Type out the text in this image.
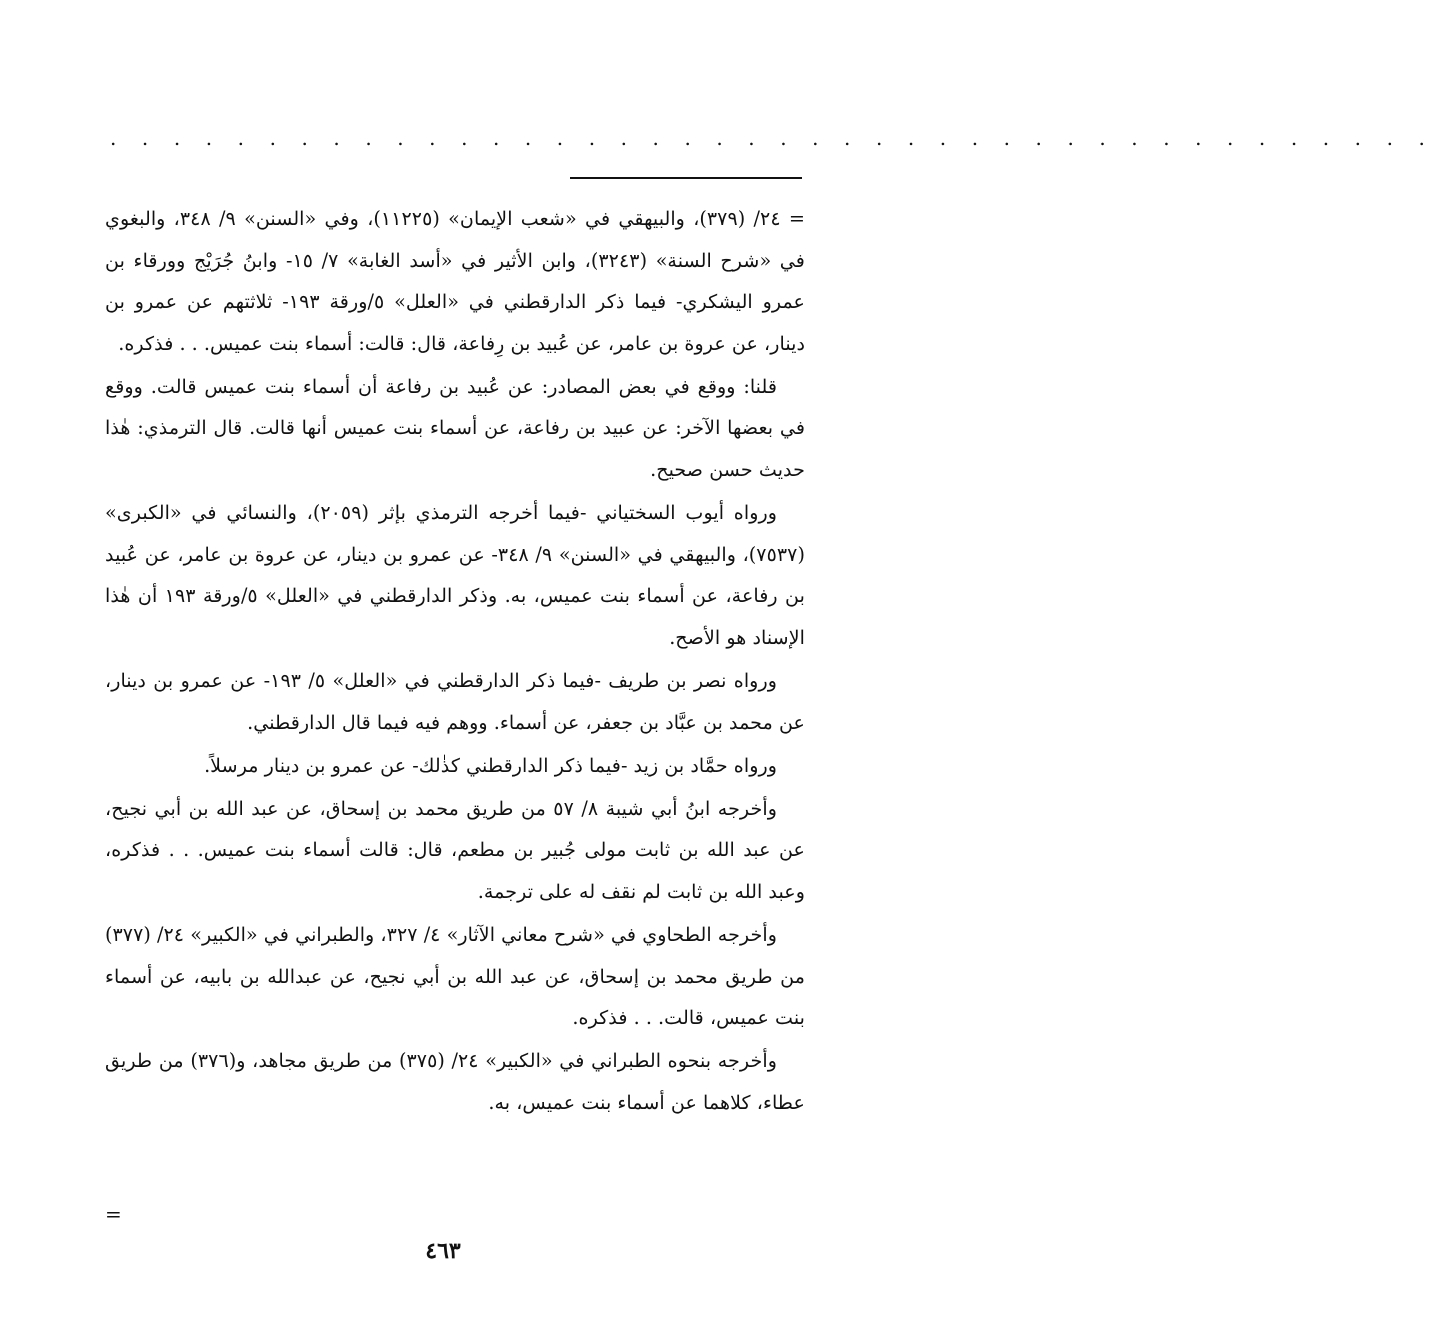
. . . . . . . . . . . . . . . . . . . . . . . . . . . . . . . . . . . . . . . . . .

= ٢٤/ (٣٧٩)، والبيهقي في «شعب الإيمان» (١١٢٢٥)، وفي «السنن» ٩/ ٣٤٨، والبغوي في «شرح السنة» (٣٢٤٣)، وابن الأثير في «أسد الغابة» ٧/ ١٥- وابنُ جُرَيْج وورقاء بن عمرو اليشكري- فيما ذكر الدارقطني في «العلل» ٥/ورقة ١٩٣- ثلاثتهم عن عمرو بن دينار، عن عروة بن عامر، عن عُبيد بن رِفاعة، قال: قالت: أسماء بنت عميس. . . فذكره.

قلنا: ووقع في بعض المصادر: عن عُبيد بن رفاعة أن أسماء بنت عميس قالت. ووقع في بعضها الآخر: عن عبيد بن رفاعة، عن أسماء بنت عميس أنها قالت. قال الترمذي: هٰذا حديث حسن صحيح.

ورواه أيوب السختياني -فيما أخرجه الترمذي بإثر (٢٠٥٩)، والنسائي في «الكبرى» (٧٥٣٧)، والبيهقي في «السنن» ٩/ ٣٤٨- عن عمرو بن دينار، عن عروة بن عامر، عن عُبيد بن رفاعة، عن أسماء بنت عميس، به. وذكر الدارقطني في «العلل» ٥/ورقة ١٩٣ أن هٰذا الإسناد هو الأصح.

ورواه نصر بن طريف -فيما ذكر الدارقطني في «العلل» ٥/ ١٩٣- عن عمرو بن دينار، عن محمد بن عبَّاد بن جعفر، عن أسماء. ووهم فيه فيما قال الدارقطني.

ورواه حمَّاد بن زيد -فيما ذكر الدارقطني كذٰلك- عن عمرو بن دينار مرسلاً.

وأخرجه ابنُ أبي شيبة ٨/ ٥٧ من طريق محمد بن إسحاق، عن عبد الله بن أبي نجيح، عن عبد الله بن ثابت مولى جُبير بن مطعم، قال: قالت أسماء بنت عميس. . . فذكره، وعبد الله بن ثابت لم نقف له على ترجمة.

وأخرجه الطحاوي في «شرح معاني الآثار» ٤/ ٣٢٧، والطبراني في «الكبير» ٢٤/ (٣٧٧) من طريق محمد بن إسحاق، عن عبد الله بن أبي نجيح، عن عبدالله بن بابيه، عن أسماء بنت عميس، قالت. . . فذكره.

وأخرجه بنحوه الطبراني في «الكبير» ٢٤/ (٣٧٥) من طريق مجاهد، و(٣٧٦) من طريق عطاء، كلاهما عن أسماء بنت عميس، به.

=
٤٦٣
